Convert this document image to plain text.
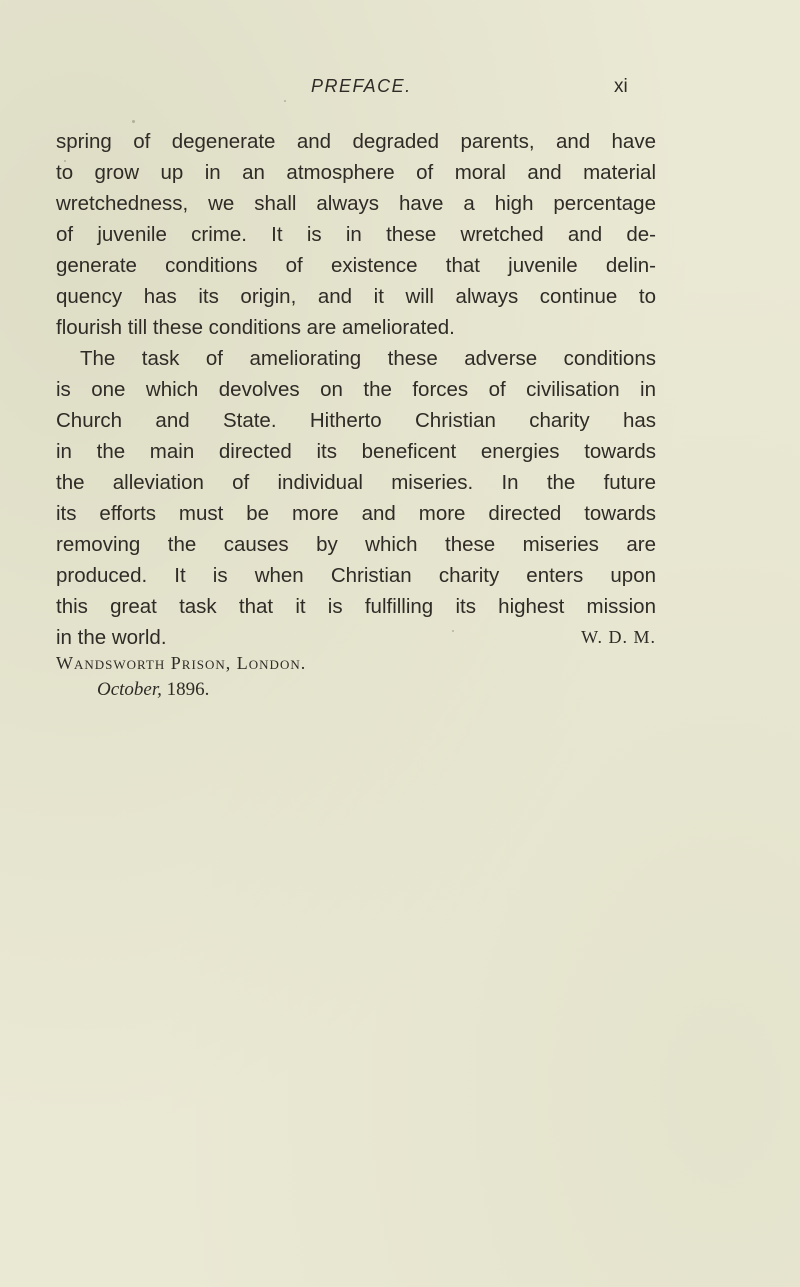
PREFACE.	xi
spring of degenerate and degraded parents, and have
to grow up in an atmosphere of moral and material
wretchedness, we shall always have a high percentage
of juvenile crime. It is in these wretched and de-
generate conditions of existence that juvenile delin-
quency has its origin, and it will always continue to
flourish till these conditions are ameliorated.
The task of ameliorating these adverse conditions
is one which devolves on the forces of civilisation in
Church and State. Hitherto Christian charity has
in the main directed its beneficent energies towards
the alleviation of individual miseries. In the future
its efforts must be more and more directed towards
removing the causes by which these miseries are
produced. It is when Christian charity enters upon
this great task that it is fulfilling its highest mission
in the world.	W. D. M.
Wandsworth Prison, London.
October, 1896.
